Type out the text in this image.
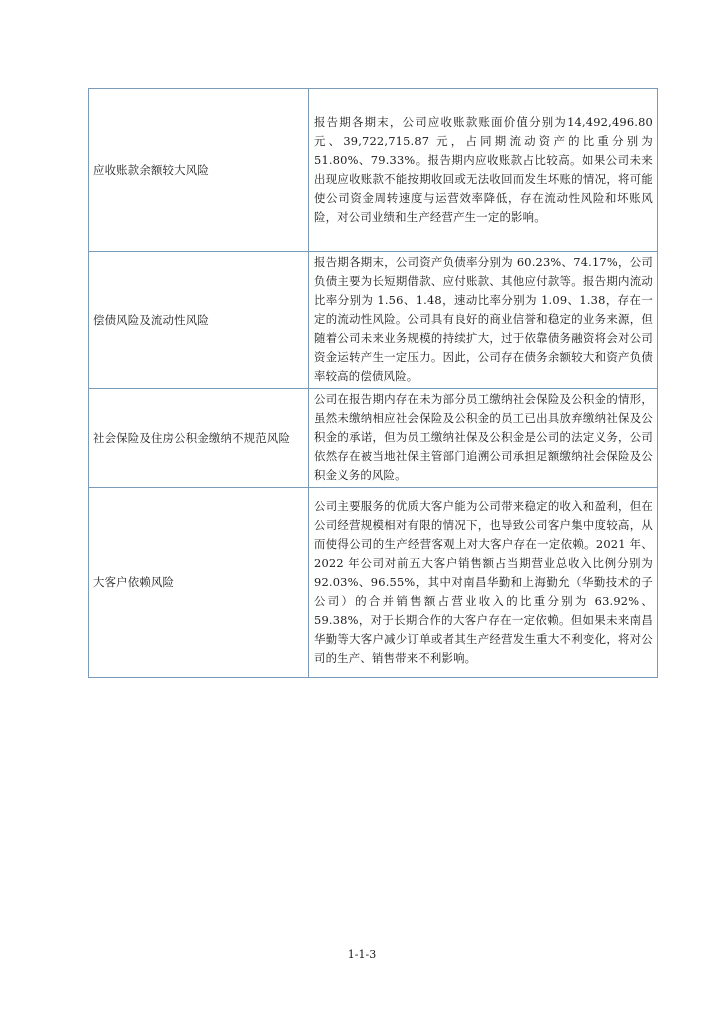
应收账款余额较大风险	报告期各期末，公司应收账款账面价值分别为14,492,496.80元、39,722,715.87 元，占同期流动资产的比重分别为51.80%、79.33%。报告期内应收账款占比较高。如果公司未来出现应收账款不能按期收回或无法收回而发生坏账的情况，将可能使公司资金周转速度与运营效率降低，存在流动性风险和坏账风险，对公司业绩和生产经营产生一定的影响。
偿债风险及流动性风险	报告期各期末，公司资产负债率分别为 60.23%、74.17%，公司负债主要为长短期借款、应付账款、其他应付款等。报告期内流动比率分别为 1.56、1.48，速动比率分别为 1.09、1.38，存在一定的流动性风险。公司具有良好的商业信誉和稳定的业务来源，但随着公司未来业务规模的持续扩大，过于依靠债务融资将会对公司资金运转产生一定压力。因此，公司存在债务余额较大和资产负债率较高的偿债风险。
社会保险及住房公积金缴纳不规范风险	公司在报告期内存在未为部分员工缴纳社会保险及公积金的情形，虽然未缴纳相应社会保险及公积金的员工已出具放弃缴纳社保及公积金的承诺，但为员工缴纳社保及公积金是公司的法定义务，公司依然存在被当地社保主管部门追溯公司承担足额缴纳社会保险及公积金义务的风险。
大客户依赖风险	公司主要服务的优质大客户能为公司带来稳定的收入和盈利，但在公司经营规模相对有限的情况下，也导致公司客户集中度较高，从而使得公司的生产经营客观上对大客户存在一定依赖。2021 年、2022 年公司对前五大客户销售额占当期营业总收入比例分别为 92.03%、96.55%，其中对南昌华勤和上海勤允（华勤技术的子公司）的合并销售额占营业收入的比重分别为 63.92%、59.38%，对于长期合作的大客户存在一定依赖。但如果未来南昌华勤等大客户减少订单或者其生产经营发生重大不利变化，将对公司的生产、销售带来不利影响。
1-1-3
